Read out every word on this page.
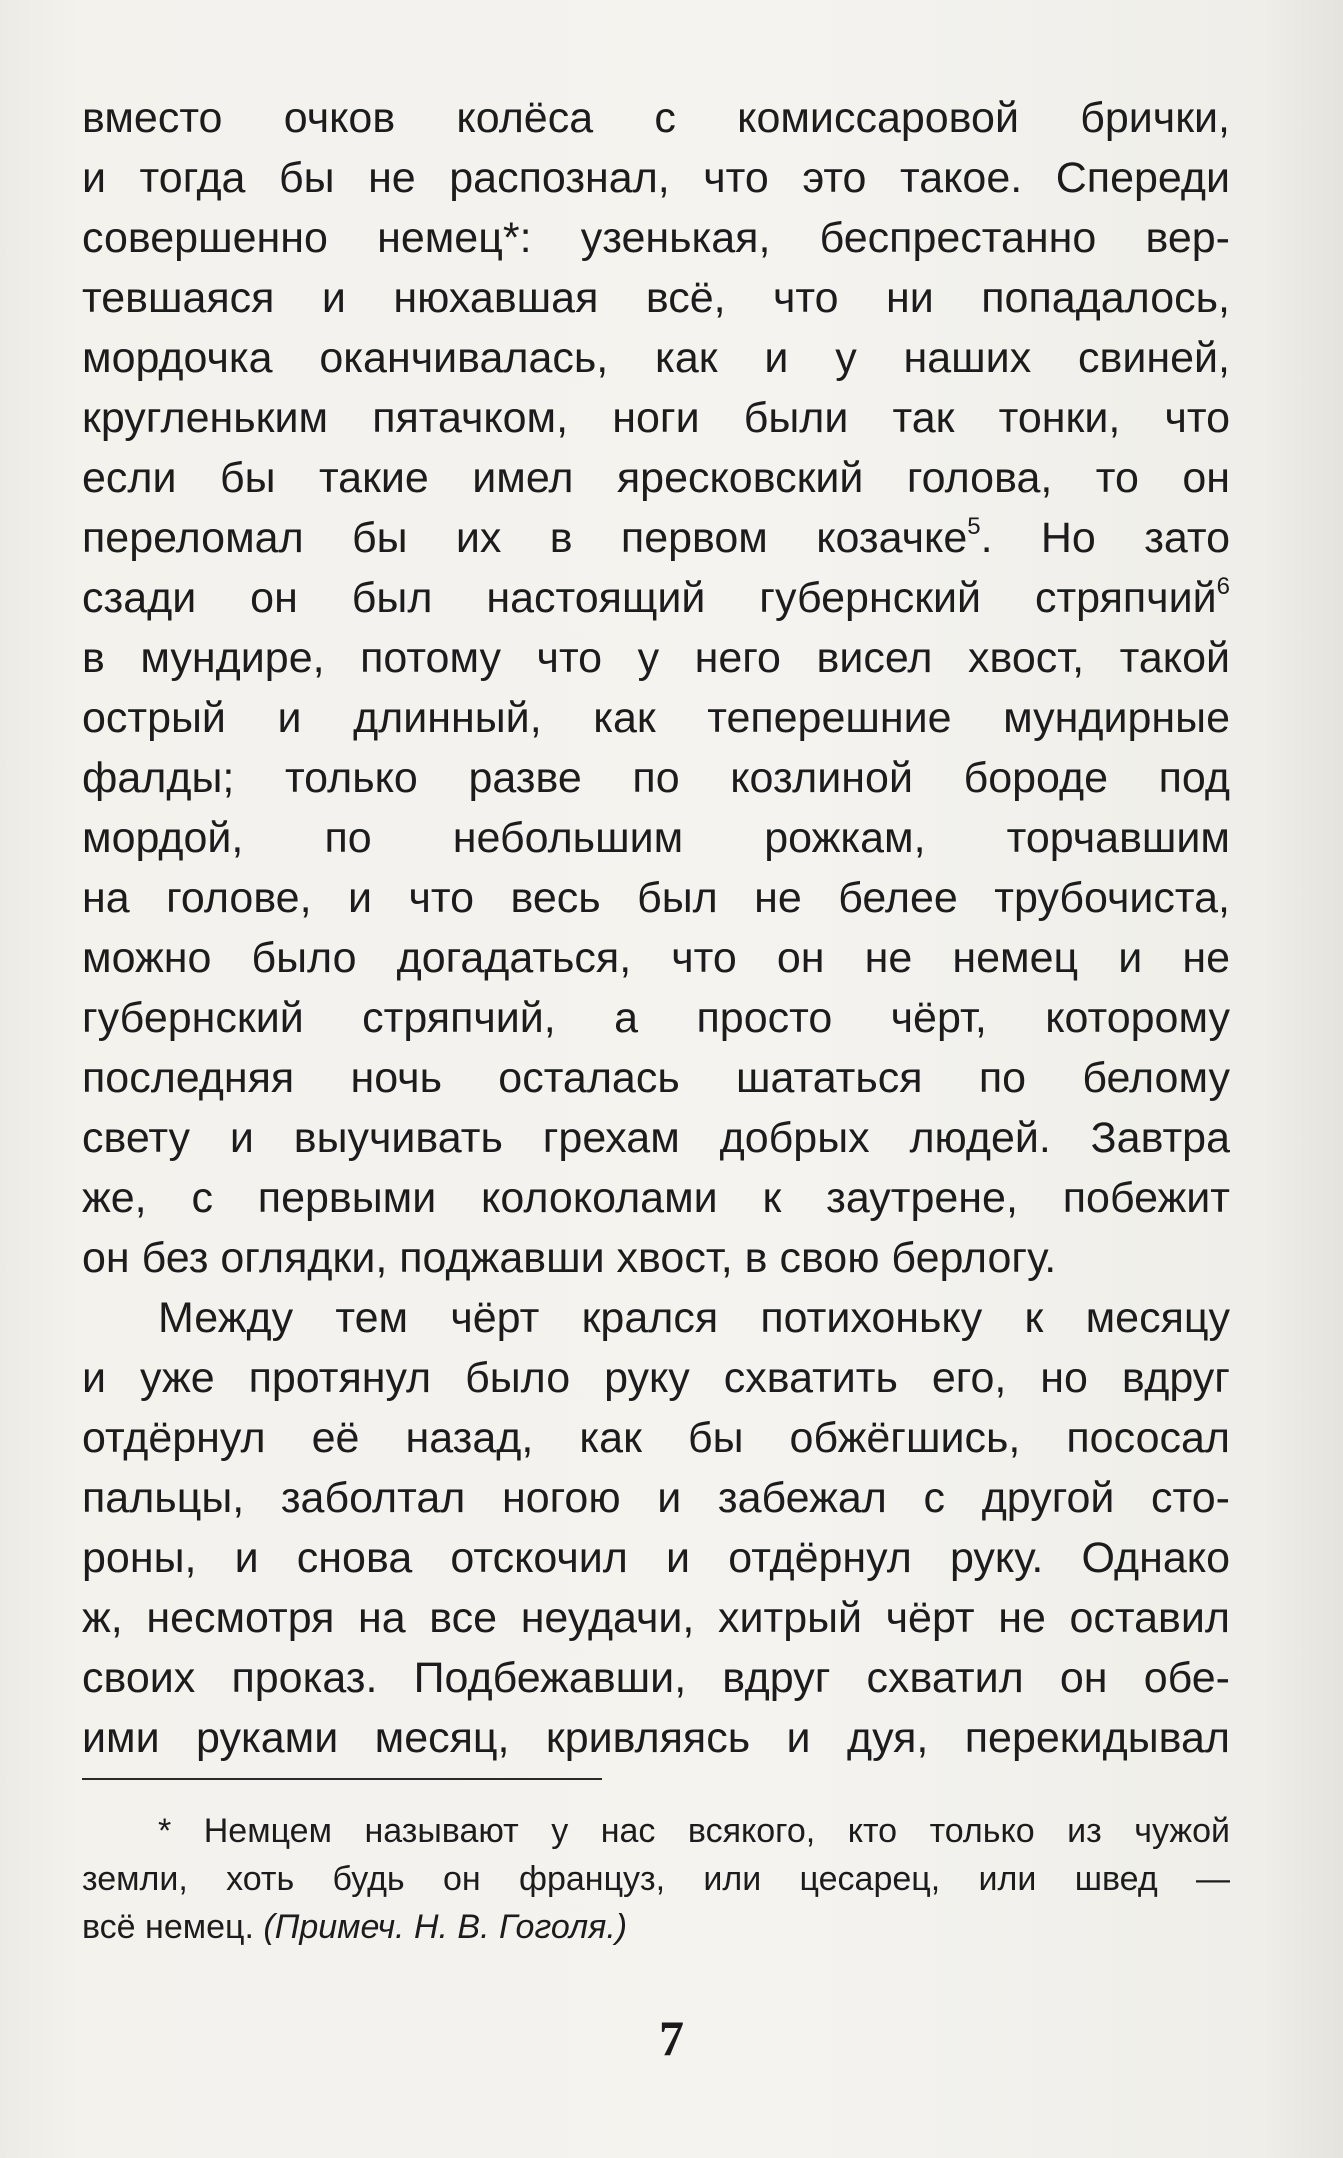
вместо очков колёса с комиссаровой брички,
и тогда бы не распознал, что это такое. Спереди
совершенно немец*: узенькая, беспрестанно вер-
тевшаяся и нюхавшая всё, что ни попадалось,
мордочка оканчивалась, как и у наших свиней,
кругленьким пятачком, ноги были так тонки, что
если бы такие имел яресковский голова, то он
переломал бы их в первом козачке$^5$. Но зато
сзади он был настоящий губернский стряпчий$^6$
в мундире, потому что у него висел хвост, такой
острый и длинный, как теперешние мундирные
фалды; только разве по козлиной бороде под
мордой, по небольшим рожкам, торчавшим
на голове, и что весь был не белее трубочиста,
можно было догадаться, что он не немец и не
губернский стряпчий, а просто чёрт, которому
последняя ночь осталась шататься по белому
свету и выучивать грехам добрых людей. Завтра
же, с первыми колоколами к заутрене, побежит
он без оглядки, поджавши хвост, в свою берлогу.
Между тем чёрт крался потихоньку к месяцу
и уже протянул было руку схватить его, но вдруг
отдёрнул её назад, как бы обжёгшись, пососал
пальцы, заболтал ногою и забежал с другой сто-
роны, и снова отскочил и отдёрнул руку. Однако
ж, несмотря на все неудачи, хитрый чёрт не оставил
своих проказ. Подбежавши, вдруг схватил он обе-
ими руками месяц, кривляясь и дуя, перекидывал
* Немцем называют у нас всякого, кто только из чужой
земли, хоть будь он француз, или цесарец, или швед —
всё немец. (Примеч. Н. В. Гоголя.)
7
